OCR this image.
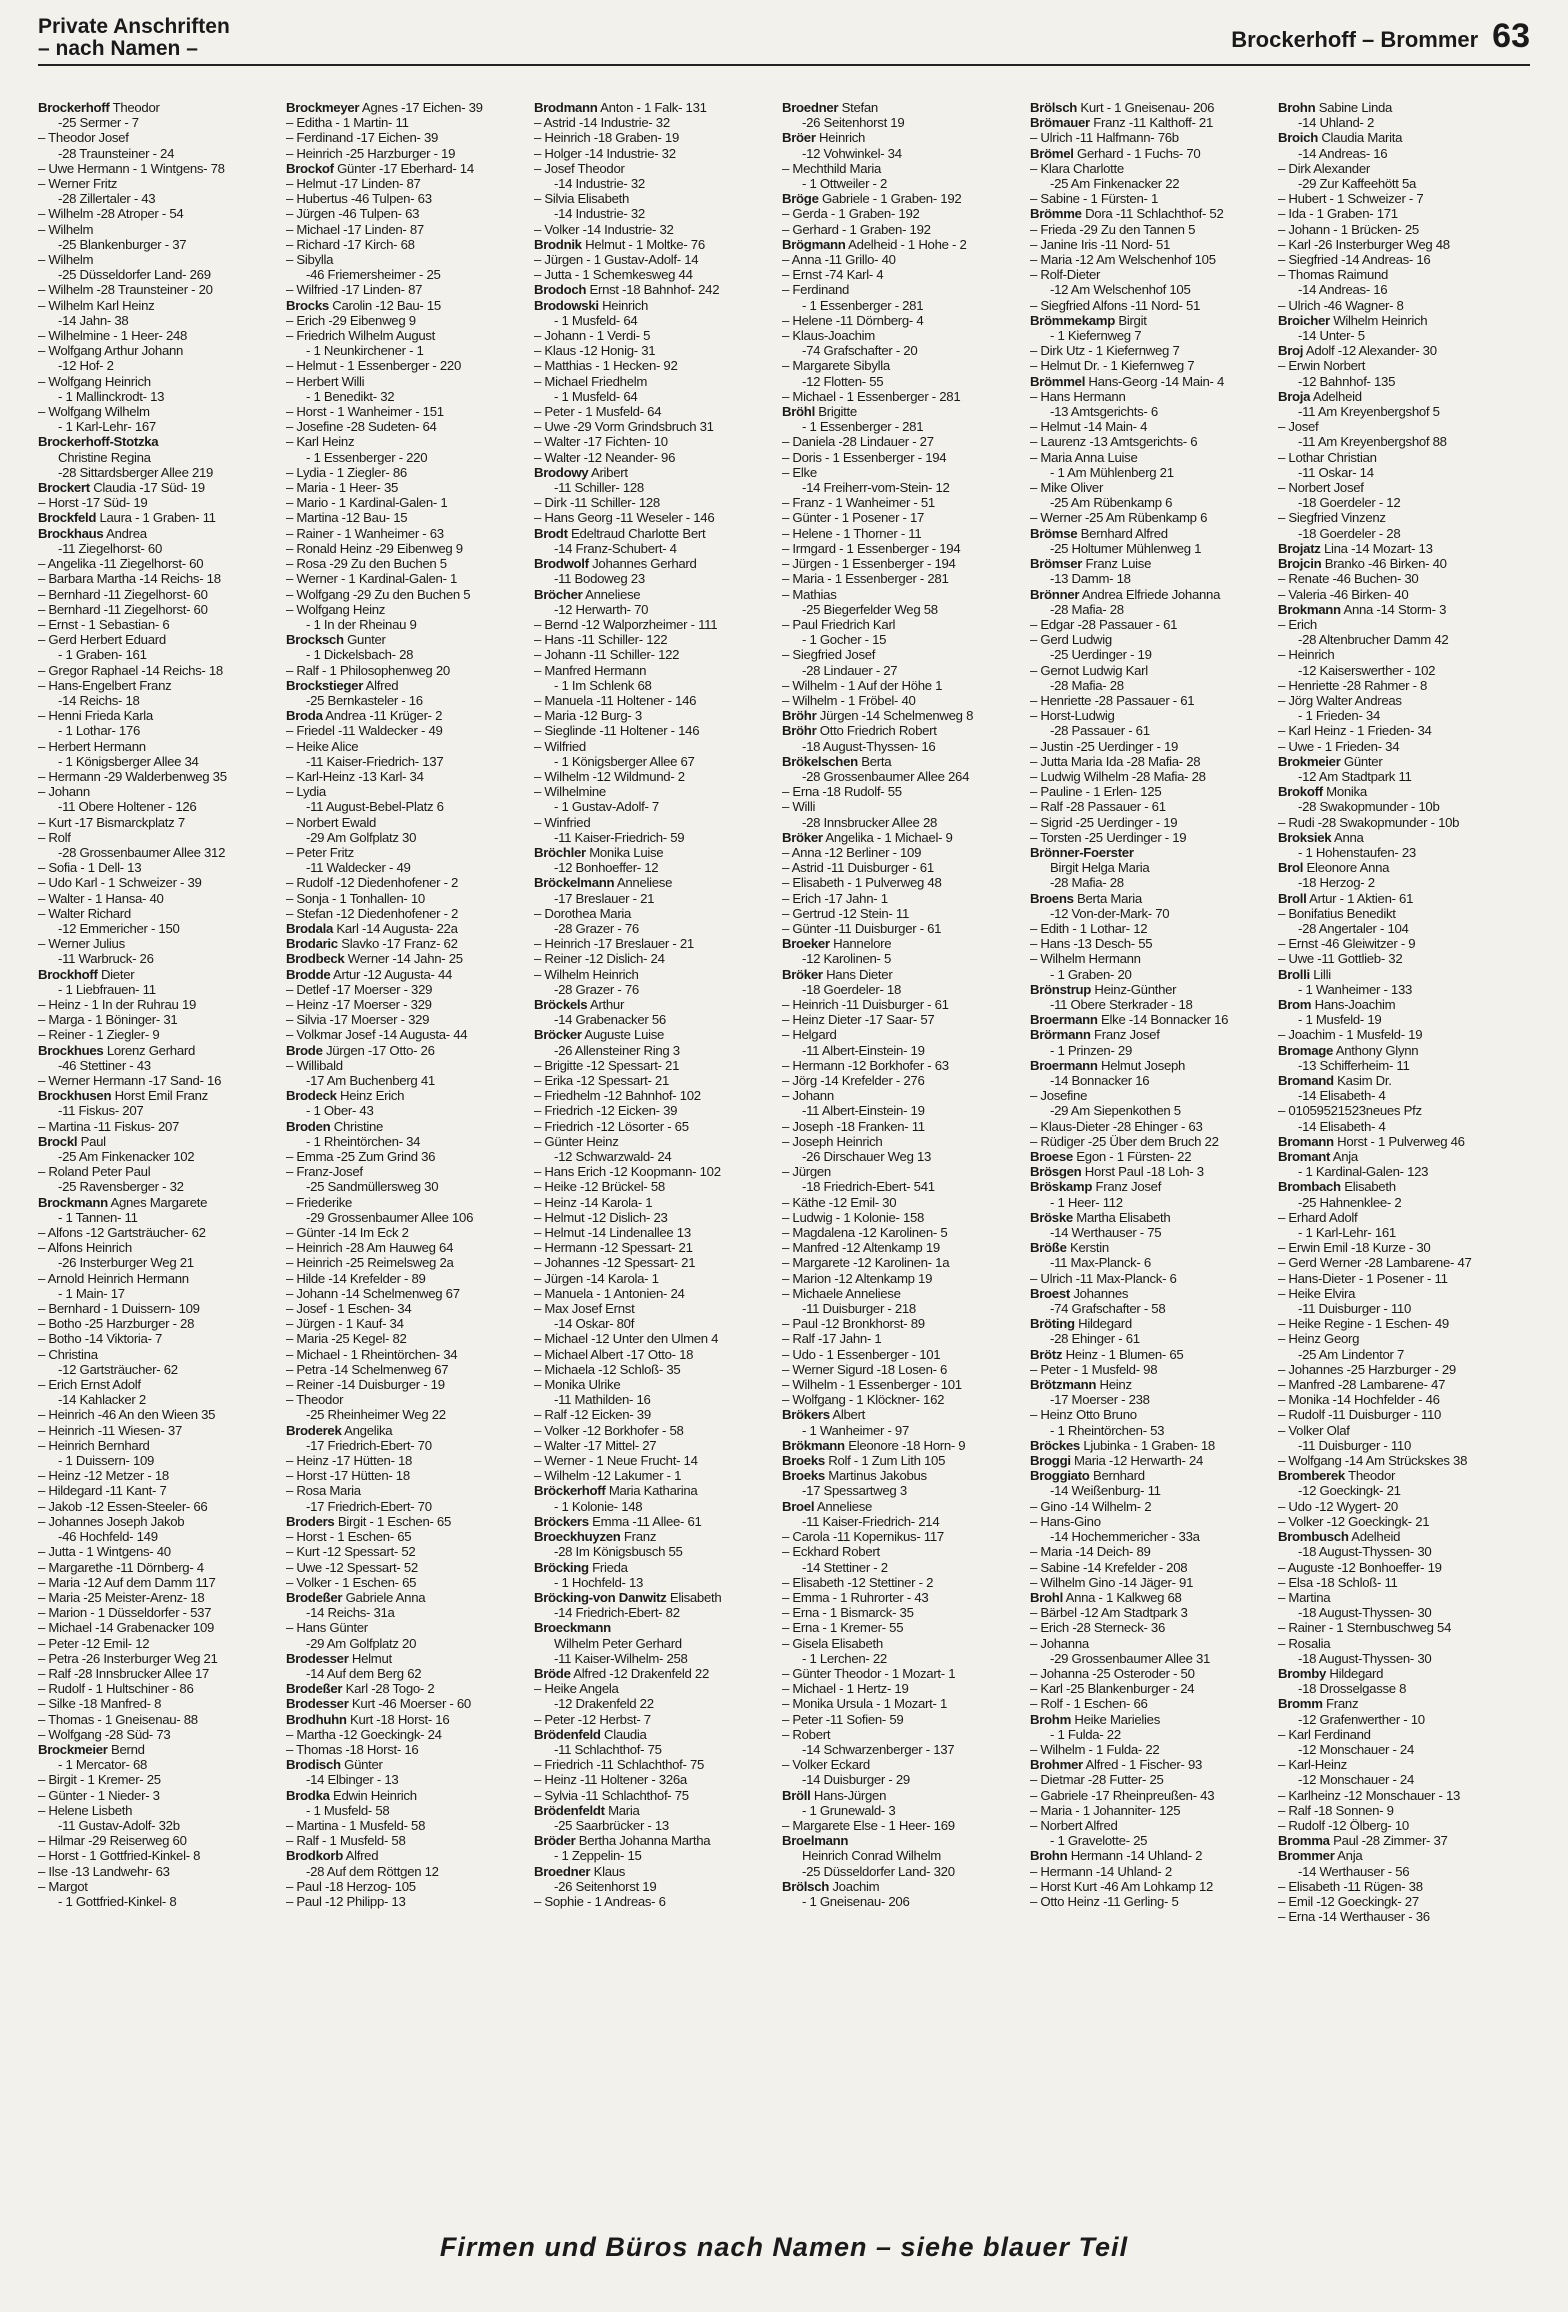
Private Anschriften
– nach Namen –	Brockerhoff – Brommer 63
Brockerhoff Theodor
-25 Sermer - 7
– Theodor Josef
-28 Traunsteiner - 24
– Uwe Hermann - 1 Wintgens- 78
– Werner Fritz
-28 Zillertaler - 43
– Wilhelm -28 Atroper - 54
– Wilhelm
-25 Blankenburger - 37
– Wilhelm
-25 Düsseldorfer Land- 269
– Wilhelm -28 Traunsteiner - 20
– Wilhelm Karl Heinz
-14 Jahn- 38
– Wilhelmine - 1 Heer- 248
– Wolfgang Arthur Johann
-12 Hof- 2
– Wolfgang Heinrich
- 1 Mallinckrodt- 13
– Wolfgang Wilhelm
- 1 Karl-Lehr- 167
Brockerhoff-Stotzka
Christine Regina
-28 Sittardsberger Allee 219
Brockert Claudia -17 Süd- 19
– Horst -17 Süd- 19
Brockfeld Laura - 1 Graben- 11
Brockhaus Andrea
-11 Ziegelhorst- 60
– Angelika -11 Ziegelhorst- 60
– Barbara Martha -14 Reichs- 18
– Bernhard -11 Ziegelhorst- 60
– Bernhard -11 Ziegelhorst- 60
– Ernst - 1 Sebastian- 6
– Gerd Herbert Eduard
- 1 Graben- 161
– Gregor Raphael -14 Reichs- 18
– Hans-Engelbert Franz
-14 Reichs- 18
– Henni Frieda Karla
- 1 Lothar- 176
– Herbert Hermann
- 1 Königsberger Allee 34
– Hermann -29 Walderbenweg 35
– Johann
-11 Obere Holtener - 126
– Kurt -17 Bismarckplatz 7
– Rolf
-28 Grossenbaumer Allee 312
– Sofia - 1 Dell- 13
– Udo Karl - 1 Schweizer - 39
– Walter - 1 Hansa- 40
– Walter Richard
-12 Emmericher - 150
– Werner Julius
-11 Warbruck- 26
Brockhoff Dieter
- 1 Liebfrauen- 11
– Heinz - 1 In der Ruhrau 19
– Marga - 1 Böninger- 31
– Reiner - 1 Ziegler- 9
Brockhues Lorenz Gerhard
-46 Stettiner - 43
– Werner Hermann -17 Sand- 16
Brockhusen Horst Emil Franz
-11 Fiskus- 207
– Martina -11 Fiskus- 207
Brockl Paul
-25 Am Finkenacker 102
– Roland Peter Paul
-25 Ravensberger - 32
Brockmann Agnes Margarete
- 1 Tannen- 11
– Alfons -12 Gartsträucher- 62
– Alfons Heinrich
-26 Insterburger Weg 21
– Arnold Heinrich Hermann
- 1 Main- 17
– Bernhard - 1 Duissern- 109
– Botho -25 Harzburger - 28
– Botho -14 Viktoria- 7
– Christina
-12 Gartsträucher- 62
– Erich Ernst Adolf
-14 Kahlacker 2
– Heinrich -46 An den Wieen 35
– Heinrich -11 Wiesen- 37
– Heinrich Bernhard
- 1 Duissern- 109
– Heinz -12 Metzer - 18
– Hildegard -11 Kant- 7
– Jakob -12 Essen-Steeler- 66
– Johannes Joseph Jakob
-46 Hochfeld- 149
– Jutta - 1 Wintgens- 40
– Margarethe -11 Dörnberg- 4
– Maria -12 Auf dem Damm 117
– Maria -25 Meister-Arenz- 18
– Marion - 1 Düsseldorfer - 537
– Michael -14 Grabenacker 109
– Peter -12 Emil- 12
– Petra -26 Insterburger Weg 21
– Ralf -28 Innsbrucker Allee 17
– Rudolf - 1 Hultschiner - 86
– Silke -18 Manfred- 8
– Thomas - 1 Gneisenau- 88
– Wolfgang -28 Süd- 73
Brockmeier Bernd
- 1 Mercator- 68
– Birgit - 1 Kremer- 25
– Günter - 1 Nieder- 3
– Helene Lisbeth
-11 Gustav-Adolf- 32b
– Hilmar -29 Reiserweg 60
– Horst - 1 Gottfried-Kinkel- 8
– Ilse -13 Landwehr- 63
– Margot
- 1 Gottfried-Kinkel- 8
Brockmeyer Agnes -17 Eichen- 39
– Editha - 1 Martin- 11
– Ferdinand -17 Eichen- 39
– Heinrich -25 Harzburger - 19
Brockof Günter -17 Eberhard- 14
– Helmut -17 Linden- 87
– Hubertus -46 Tulpen- 63
– Jürgen -46 Tulpen- 63
– Michael -17 Linden- 87
– Richard -17 Kirch- 68
– Sibylla
-46 Friemersheimer - 25
– Wilfried -17 Linden- 87
Brocks Carolin -12 Bau- 15
– Erich -29 Eibenweg 9
– Friedrich Wilhelm August
- 1 Neunkirchener - 1
– Helmut - 1 Essenberger - 220
– Herbert Willi
- 1 Benedikt- 32
– Horst - 1 Wanheimer - 151
– Josefine -28 Sudeten- 64
– Karl Heinz
- 1 Essenberger - 220
– Lydia - 1 Ziegler- 86
– Maria - 1 Heer- 35
– Mario - 1 Kardinal-Galen- 1
– Martina -12 Bau- 15
– Rainer - 1 Wanheimer - 63
– Ronald Heinz -29 Eibenweg 9
– Rosa -29 Zu den Buchen 5
– Werner - 1 Kardinal-Galen- 1
– Wolfgang -29 Zu den Buchen 5
– Wolfgang Heinz
- 1 In der Rheinau 9
Brocksch Gunter
- 1 Dickelsbach- 28
– Ralf - 1 Philosophenweg 20
Brockstieger Alfred
-25 Bernkasteler - 16
Broda Andrea -11 Krüger- 2
– Friedel -11 Waldecker - 49
– Heike Alice
-11 Kaiser-Friedrich- 137
– Karl-Heinz -13 Karl- 34
– Lydia
-11 August-Bebel-Platz 6
– Norbert Ewald
-29 Am Golfplatz 30
– Peter Fritz
-11 Waldecker - 49
– Rudolf -12 Diedenhofener - 2
– Sonja - 1 Tonhallen- 10
– Stefan -12 Diedenhofener - 2
Brodala Karl -14 Augusta- 22a
Brodaric Slavko -17 Franz- 62
Brodbeck Werner -14 Jahn- 25
Brodde Artur -12 Augusta- 44
– Detlef -17 Moerser - 329
– Heinz -17 Moerser - 329
– Silvia -17 Moerser - 329
– Volkmar Josef -14 Augusta- 44
Brode Jürgen -17 Otto- 26
– Willibald
-17 Am Buchenberg 41
Brodeck Heinz Erich
- 1 Ober- 43
Broden Christine
- 1 Rheintörchen- 34
– Emma -25 Zum Grind 36
– Franz-Josef
-25 Sandmüllersweg 30
– Friederike
-29 Grossenbaumer Allee 106
– Günter -14 Im Eck 2
– Heinrich -28 Am Hauweg 64
– Heinrich -25 Reimelsweg 2a
– Hilde -14 Krefelder - 89
– Johann -14 Schelmenweg 67
– Josef - 1 Eschen- 34
– Jürgen - 1 Kauf- 34
– Maria -25 Kegel- 82
– Michael - 1 Rheintörchen- 34
– Petra -14 Schelmenweg 67
– Reiner -14 Duisburger - 19
– Theodor
-25 Rheinheimer Weg 22
Broderek Angelika
-17 Friedrich-Ebert- 70
– Heinz -17 Hütten- 18
– Horst -17 Hütten- 18
– Rosa Maria
-17 Friedrich-Ebert- 70
Broders Birgit - 1 Eschen- 65
– Horst - 1 Eschen- 65
– Kurt -12 Spessart- 52
– Uwe -12 Spessart- 52
– Volker - 1 Eschen- 65
Brodeßer Gabriele Anna
-14 Reichs- 31a
– Hans Günter
-29 Am Golfplatz 20
Brodesser Helmut
-14 Auf dem Berg 62
Brodeßer Karl -28 Togo- 2
Brodesser Kurt -46 Moerser - 60
Brodhuhn Kurt -18 Horst- 16
– Martha -12 Goeckingk- 24
– Thomas -18 Horst- 16
Brodisch Günter
-14 Elbinger - 13
Brodka Edwin Heinrich
- 1 Musfeld- 58
– Martina - 1 Musfeld- 58
– Ralf - 1 Musfeld- 58
Brodkorb Alfred
-28 Auf dem Röttgen 12
– Paul -18 Herzog- 105
– Paul -12 Philipp- 13
Brodmann Anton - 1 Falk- 131
– Astrid -14 Industrie- 32
– Heinrich -18 Graben- 19
– Holger -14 Industrie- 32
– Josef Theodor
-14 Industrie- 32
– Silvia Elisabeth
-14 Industrie- 32
– Volker -14 Industrie- 32
Brodnik Helmut - 1 Moltke- 76
– Jürgen - 1 Gustav-Adolf- 14
– Jutta - 1 Schemkesweg 44
Brodoch Ernst -18 Bahnhof- 242
Brodowski Heinrich
- 1 Musfeld- 64
– Johann - 1 Verdi- 5
– Klaus -12 Honig- 31
– Matthias - 1 Hecken- 92
– Michael Friedhelm
- 1 Musfeld- 64
– Peter - 1 Musfeld- 64
– Uwe -29 Vorm Grindsbruch 31
– Walter -17 Fichten- 10
– Walter -12 Neander- 96
Brodowy Aribert
-11 Schiller- 128
– Dirk -11 Schiller- 128
– Hans Georg -11 Weseler - 146
Brodt Edeltraud Charlotte Bert
-14 Franz-Schubert- 4
Brodwolf Johannes Gerhard
-11 Bodoweg 23
Bröcher Anneliese
-12 Herwarth- 70
– Bernd -12 Walporzheimer - 111
– Hans -11 Schiller- 122
– Johann -11 Schiller- 122
– Manfred Hermann
- 1 Im Schlenk 68
– Manuela -11 Holtener - 146
– Maria -12 Burg- 3
– Sieglinde -11 Holtener - 146
– Wilfried
- 1 Königsberger Allee 67
– Wilhelm -12 Wildmund- 2
– Wilhelmine
- 1 Gustav-Adolf- 7
– Winfried
-11 Kaiser-Friedrich- 59
Bröchler Monika Luise
-12 Bonhoeffer- 12
Bröckelmann Anneliese
-17 Breslauer - 21
– Dorothea Maria
-28 Grazer - 76
– Heinrich -17 Breslauer - 21
– Reiner -12 Dislich- 24
– Wilhelm Heinrich
-28 Grazer - 76
Bröckels Arthur
-14 Grabenacker 56
Bröcker Auguste Luise
-26 Allensteiner Ring 3
– Brigitte -12 Spessart- 21
– Erika -12 Spessart- 21
– Friedhelm -12 Bahnhof- 102
– Friedrich -12 Eicken- 39
– Friedrich -12 Lösorter - 65
– Günter Heinz
-12 Schwarzwald- 24
– Hans Erich -12 Koopmann- 102
– Heike -12 Brückel- 58
– Heinz -14 Karola- 1
– Helmut -12 Dislich- 23
– Helmut -14 Lindenallee 13
– Hermann -12 Spessart- 21
– Johannes -12 Spessart- 21
– Jürgen -14 Karola- 1
– Manuela - 1 Antonien- 24
– Max Josef Ernst
-14 Oskar- 80f
– Michael -12 Unter den Ulmen 4
– Michael Albert -17 Otto- 18
– Michaela -12 Schloß- 35
– Monika Ulrike
-11 Mathilden- 16
– Ralf -12 Eicken- 39
– Volker -12 Borkhofer - 58
– Walter -17 Mittel- 27
– Werner - 1 Neue Frucht- 14
– Wilhelm -12 Lakumer - 1
Bröckerhoff Maria Katharina
- 1 Kolonie- 148
Bröckers Emma -11 Allee- 61
Broeckhuyzen Franz
-28 Im Königsbusch 55
Bröcking Frieda
- 1 Hochfeld- 13
Bröcking-von Danwitz Elisabeth
-14 Friedrich-Ebert- 82
Broeckmann
Wilhelm Peter Gerhard
-11 Kaiser-Wilhelm- 258
Bröde Alfred -12 Drakenfeld 22
– Heike Angela
-12 Drakenfeld 22
– Peter -12 Herbst- 7
Brödenfeld Claudia
-11 Schlachthof- 75
– Friedrich -11 Schlachthof- 75
– Heinz -11 Holtener - 326a
– Sylvia -11 Schlachthof- 75
Brödenfeldt Maria
-25 Saarbrücker - 13
Bröder Bertha Johanna Martha
- 1 Zeppelin- 15
Broedner Klaus
-26 Seitenhorst 19
– Sophie - 1 Andreas- 6
Broedner Stefan
-26 Seitenhorst 19
Bröer Heinrich
-12 Vohwinkel- 34
– Mechthild Maria
- 1 Ottweiler - 2
Bröge Gabriele - 1 Graben- 192
– Gerda - 1 Graben- 192
– Gerhard - 1 Graben- 192
Brögmann Adelheid - 1 Hohe - 2
– Anna -11 Grillo- 40
– Ernst -74 Karl- 4
– Ferdinand
- 1 Essenberger - 281
– Helene -11 Dörnberg- 4
– Klaus-Joachim
-74 Grafschafter - 20
– Margarete Sibylla
-12 Flotten- 55
– Michael - 1 Essenberger - 281
Bröhl Brigitte
- 1 Essenberger - 281
– Daniela -28 Lindauer - 27
– Doris - 1 Essenberger - 194
– Elke
-14 Freiherr-vom-Stein- 12
– Franz - 1 Wanheimer - 51
– Günter - 1 Posener - 17
– Helene - 1 Thorner - 11
– Irmgard - 1 Essenberger - 194
– Jürgen - 1 Essenberger - 194
– Maria - 1 Essenberger - 281
– Mathias
-25 Biegerfelder Weg 58
– Paul Friedrich Karl
- 1 Gocher - 15
– Siegfried Josef
-28 Lindauer - 27
– Wilhelm - 1 Auf der Höhe 1
– Wilhelm - 1 Fröbel- 40
Bröhr Jürgen -14 Schelmenweg 8
Bröhr Otto Friedrich Robert
-18 August-Thyssen- 16
Brökelschen Berta
-28 Grossenbaumer Allee 264
– Erna -18 Rudolf- 55
– Willi
-28 Innsbrucker Allee 28
Bröker Angelika - 1 Michael- 9
– Anna -12 Berliner - 109
– Astrid -11 Duisburger - 61
– Elisabeth - 1 Pulverweg 48
– Erich -17 Jahn- 1
– Gertrud -12 Stein- 11
– Günter -11 Duisburger - 61
Broeker Hannelore
-12 Karolinen- 5
Bröker Hans Dieter
-18 Goerdeler- 18
– Heinrich -11 Duisburger - 61
– Heinz Dieter -17 Saar- 57
– Helgard
-11 Albert-Einstein- 19
– Hermann -12 Borkhofer - 63
– Jörg -14 Krefelder - 276
– Johann
-11 Albert-Einstein- 19
– Joseph -18 Franken- 11
– Joseph Heinrich
-26 Dirschauer Weg 13
– Jürgen
-18 Friedrich-Ebert- 541
– Käthe -12 Emil- 30
– Ludwig - 1 Kolonie- 158
– Magdalena -12 Karolinen- 5
– Manfred -12 Altenkamp 19
– Margarete -12 Karolinen- 1a
– Marion -12 Altenkamp 19
– Michaele Anneliese
-11 Duisburger - 218
– Paul -12 Bronkhorst- 89
– Ralf -17 Jahn- 1
– Udo - 1 Essenberger - 101
– Werner Sigurd -18 Losen- 6
– Wilhelm - 1 Essenberger - 101
– Wolfgang - 1 Klöckner- 162
Brökers Albert
- 1 Wanheimer - 97
Brökmann Eleonore -18 Horn- 9
Broeks Rolf - 1 Zum Lith 105
Broeks Martinus Jakobus
-17 Spessartweg 3
Broel Anneliese
-11 Kaiser-Friedrich- 214
– Carola -11 Kopernikus- 117
– Eckhard Robert
-14 Stettiner - 2
– Elisabeth -12 Stettiner - 2
– Emma - 1 Ruhrorter - 43
– Erna - 1 Bismarck- 35
– Erna - 1 Kremer- 55
– Gisela Elisabeth
- 1 Lerchen- 22
– Günter Theodor - 1 Mozart- 1
– Michael - 1 Hertz- 19
– Monika Ursula - 1 Mozart- 1
– Peter -11 Sofien- 59
– Robert
-14 Schwarzenberger - 137
– Volker Eckard
-14 Duisburger - 29
Bröll Hans-Jürgen
- 1 Grunewald- 3
– Margarete Else - 1 Heer- 169
Broelmann
Heinrich Conrad Wilhelm
-25 Düsseldorfer Land- 320
Brölsch Joachim
- 1 Gneisenau- 206
Brölsch Kurt - 1 Gneisenau- 206
Brömauer Franz -11 Kalthoff- 21
– Ulrich -11 Halfmann- 76b
Brömel Gerhard - 1 Fuchs- 70
– Klara Charlotte
-25 Am Finkenacker 22
– Sabine - 1 Fürsten- 1
Brömme Dora -11 Schlachthof- 52
– Frieda -29 Zu den Tannen 5
– Janine Iris -11 Nord- 51
– Maria -12 Am Welschenhof 105
– Rolf-Dieter
-12 Am Welschenhof 105
– Siegfried Alfons -11 Nord- 51
Brömmekamp Birgit
- 1 Kiefernweg 7
– Dirk Utz - 1 Kiefernweg 7
– Helmut Dr. - 1 Kiefernweg 7
Brömmel Hans-Georg -14 Main- 4
– Hans Hermann
-13 Amtsgerichts- 6
– Helmut -14 Main- 4
– Laurenz -13 Amtsgerichts- 6
– Maria Anna Luise
- 1 Am Mühlenberg 21
– Mike Oliver
-25 Am Rübenkamp 6
– Werner -25 Am Rübenkamp 6
Brömse Bernhard Alfred
-25 Holtumer Mühlenweg 1
Brömser Franz Luise
-13 Damm- 18
Brönner Andrea Elfriede Johanna
-28 Mafia- 28
– Edgar -28 Passauer - 61
– Gerd Ludwig
-25 Uerdinger - 19
– Gernot Ludwig Karl
-28 Mafia- 28
– Henriette -28 Passauer - 61
– Horst-Ludwig
-28 Passauer - 61
– Justin -25 Uerdinger - 19
– Jutta Maria Ida -28 Mafia- 28
– Ludwig Wilhelm -28 Mafia- 28
– Pauline - 1 Erlen- 125
– Ralf -28 Passauer - 61
– Sigrid -25 Uerdinger - 19
– Torsten -25 Uerdinger - 19
Brönner-Foerster
Birgit Helga Maria
-28 Mafia- 28
Broens Berta Maria
-12 Von-der-Mark- 70
– Edith - 1 Lothar- 12
– Hans -13 Desch- 55
– Wilhelm Hermann
- 1 Graben- 20
Brönstrup Heinz-Günther
-11 Obere Sterkrader - 18
Broermann Elke -14 Bonnacker 16
Brörmann Franz Josef
- 1 Prinzen- 29
Broermann Helmut Joseph
-14 Bonnacker 16
– Josefine
-29 Am Siepenkothen 5
– Klaus-Dieter -28 Ehinger - 63
– Rüdiger -25 Über dem Bruch 22
Broese Egon - 1 Fürsten- 22
Brösgen Horst Paul -18 Loh- 3
Bröskamp Franz Josef
- 1 Heer- 112
Bröske Martha Elisabeth
-14 Werthauser - 75
Bröße Kerstin
-11 Max-Planck- 6
– Ulrich -11 Max-Planck- 6
Broest Johannes
-74 Grafschafter - 58
Bröting Hildegard
-28 Ehinger - 61
Brötz Heinz - 1 Blumen- 65
– Peter - 1 Musfeld- 98
Brötzmann Heinz
-17 Moerser - 238
– Heinz Otto Bruno
- 1 Rheintörchen- 53
Bröckes Ljubinka - 1 Graben- 18
Broggi Maria -12 Herwarth- 24
Broggiato Bernhard
-14 Weißenburg- 11
– Gino -14 Wilhelm- 2
– Hans-Gino
-14 Hochemmericher - 33a
– Maria -14 Deich- 89
– Sabine -14 Krefelder - 208
– Wilhelm Gino -14 Jäger- 91
Brohl Anna - 1 Kalkweg 68
– Bärbel -12 Am Stadtpark 3
– Erich -28 Sterneck- 36
– Johanna
-29 Grossenbaumer Allee 31
– Johanna -25 Osteroder - 50
– Karl -25 Blankenburger - 24
– Rolf - 1 Eschen- 66
Brohm Heike Marielies
- 1 Fulda- 22
– Wilhelm - 1 Fulda- 22
Brohmer Alfred - 1 Fischer- 93
– Dietmar -28 Futter- 25
– Gabriele -17 Rheinpreußen- 43
– Maria - 1 Johanniter- 125
– Norbert Alfred
- 1 Gravelotte- 25
Brohn Hermann -14 Uhland- 2
– Hermann -14 Uhland- 2
– Horst Kurt -46 Am Lohkamp 12
– Otto Heinz -11 Gerling- 5
Brohn Sabine Linda
-14 Uhland- 2
Broich Claudia Marita
-14 Andreas- 16
– Dirk Alexander
-29 Zur Kaffeehött 5a
– Hubert - 1 Schweizer - 7
– Ida - 1 Graben- 171
– Johann - 1 Brücken- 25
– Karl -26 Insterburger Weg 48
– Siegfried -14 Andreas- 16
– Thomas Raimund
-14 Andreas- 16
– Ulrich -46 Wagner- 8
Broicher Wilhelm Heinrich
-14 Unter- 5
Broj Adolf -12 Alexander- 30
– Erwin Norbert
-12 Bahnhof- 135
Broja Adelheid
-11 Am Kreyenbergshof 5
– Josef
-11 Am Kreyenbergshof 88
– Lothar Christian
-11 Oskar- 14
– Norbert Josef
-18 Goerdeler - 12
– Siegfried Vinzenz
-18 Goerdeler - 28
Brojatz Lina -14 Mozart- 13
Brojcin Branko -46 Birken- 40
– Renate -46 Buchen- 30
– Valeria -46 Birken- 40
Brokmann Anna -14 Storm- 3
– Erich
-28 Altenbrucher Damm 42
– Heinrich
-12 Kaiserswerther - 102
– Henriette -28 Rahmer - 8
– Jörg Walter Andreas
- 1 Frieden- 34
– Karl Heinz - 1 Frieden- 34
– Uwe - 1 Frieden- 34
Brokmeier Günter
-12 Am Stadtpark 11
Brokoff Monika
-28 Swakopmunder - 10b
– Rudi -28 Swakopmunder - 10b
Broksiek Anna
- 1 Hohenstaufen- 23
Brol Eleonore Anna
-18 Herzog- 2
Broll Artur - 1 Aktien- 61
– Bonifatius Benedikt
-28 Angertaler - 104
– Ernst -46 Gleiwitzer - 9
– Uwe -11 Gottlieb- 32
Brolli Lilli
- 1 Wanheimer - 133
Brom Hans-Joachim
- 1 Musfeld- 19
– Joachim - 1 Musfeld- 19
Bromage Anthony Glynn
-13 Schifferheim- 11
Bromand Kasim Dr.
-14 Elisabeth- 4
– 01059521523neues Pfz
-14 Elisabeth- 4
Bromann Horst - 1 Pulverweg 46
Bromant Anja
- 1 Kardinal-Galen- 123
Brombach Elisabeth
-25 Hahnenklee- 2
– Erhard Adolf
- 1 Karl-Lehr- 161
– Erwin Emil -18 Kurze - 30
– Gerd Werner -28 Lambarene- 47
– Hans-Dieter - 1 Posener - 11
– Heike Elvira
-11 Duisburger - 110
– Heike Regine - 1 Eschen- 49
– Heinz Georg
-25 Am Lindentor 7
– Johannes -25 Harzburger - 29
– Manfred -28 Lambarene- 47
– Monika -14 Hochfelder - 46
– Rudolf -11 Duisburger - 110
– Volker Olaf
-11 Duisburger - 110
– Wolfgang -14 Am Strückskes 38
Bromberek Theodor
-12 Goeckingk- 21
– Udo -12 Wygert- 20
– Volker -12 Goeckingk- 21
Brombusch Adelheid
-18 August-Thyssen- 30
– Auguste -12 Bonhoeffer- 19
– Elsa -18 Schloß- 11
– Martina
-18 August-Thyssen- 30
– Rainer - 1 Sternbuschweg 54
– Rosalia
-18 August-Thyssen- 30
Bromby Hildegard
-18 Drosselgasse 8
Bromm Franz
-12 Grafenwerther - 10
– Karl Ferdinand
-12 Monschauer - 24
– Karl-Heinz
-12 Monschauer - 24
– Karlheinz -12 Monschauer - 13
– Ralf -18 Sonnen- 9
– Rudolf -12 Ölberg- 10
Bromma Paul -28 Zimmer- 37
Brommer Anja
-14 Werthauser - 56
– Elisabeth -11 Rügen- 38
– Emil -12 Goeckingk- 27
– Erna -14 Werthauser - 36
Firmen und Büros nach Namen – siehe blauer Teil
